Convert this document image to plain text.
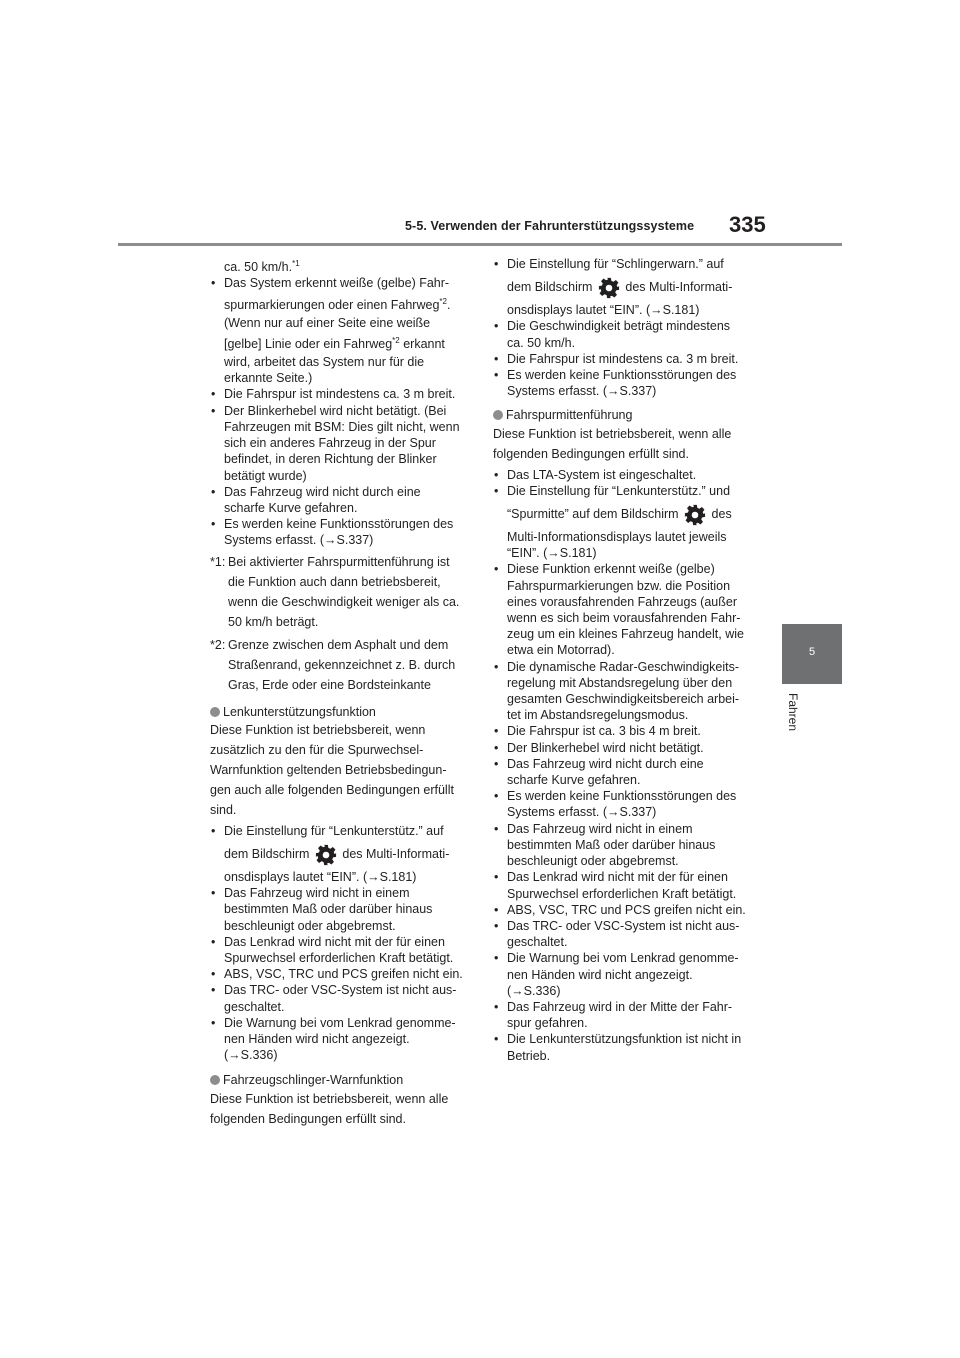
5-5. Verwenden der Fahrunterstützungssysteme 335
5
Fahren

ca. 50 km/h.$^{*1}$

• Das System erkennt weiße (gelbe) Fahr-
spurmarkierungen oder einen Fahrweg$^{*2}$.
(Wenn nur auf einer Seite eine weiße
[gelbe] Linie oder ein Fahrweg$^{*2}$ erkannt
wird, arbeitet das System nur für die
erkannte Seite.)
• Die Fahrspur ist mindestens ca. 3 m breit.
• Der Blinkerhebel wird nicht betätigt. (Bei
Fahrzeugen mit BSM: Dies gilt nicht, wenn
sich ein anderes Fahrzeug in der Spur
befindet, in deren Richtung der Blinker
betätigt wurde)
• Das Fahrzeug wird nicht durch eine
scharfe Kurve gefahren.
• Es werden keine Funktionsstörungen des
Systems erfasst. (→S.337)
*1: Bei aktivierter Fahrspurmittenführung ist
die Funktion auch dann betriebsbereit,
wenn die Geschwindigkeit weniger als ca.
50 km/h beträgt.
*2: Grenze zwischen dem Asphalt und dem
Straßenrand, gekennzeichnet z. B. durch
Gras, Erde oder eine Bordsteinkante
Lenkunterstützungsfunktion
Diese Funktion ist betriebsbereit, wenn
zusätzlich zu den für die Spurwechsel-
Warnfunktion geltenden Betriebsbedingun-
gen auch alle folgenden Bedingungen erfüllt
sind.
• Die Einstellung für “Lenkunterstütz.” auf
dem Bildschirm	des Multi-Informati-
onsdisplays lautet “EIN”. (→S.181)
• Das Fahrzeug wird nicht in einem
bestimmten Maß oder darüber hinaus
beschleunigt oder abgebremst.
• Das Lenkrad wird nicht mit der für einen
Spurwechsel erforderlichen Kraft betätigt.
• ABS, VSC, TRC und PCS greifen nicht ein.
• Das TRC- oder VSC-System ist nicht aus-
geschaltet.
• Die Warnung bei vom Lenkrad genomme-
nen Händen wird nicht angezeigt.
(→S.336)
Fahrzeugschlinger-Warnfunktion
Diese Funktion ist betriebsbereit, wenn alle
folgenden Bedingungen erfüllt sind.
• Die Einstellung für “Schlingerwarn.” auf
dem Bildschirm	des Multi-Informati-
onsdisplays lautet “EIN”. (→S.181)
• Die Geschwindigkeit beträgt mindestens
ca. 50 km/h.
• Die Fahrspur ist mindestens ca. 3 m breit.
• Es werden keine Funktionsstörungen des
Systems erfasst. (→S.337)
Fahrspurmittenführung
Diese Funktion ist betriebsbereit, wenn alle
folgenden Bedingungen erfüllt sind.
• Das LTA-System ist eingeschaltet.
• Die Einstellung für “Lenkunterstütz.” und
“Spurmitte” auf dem Bildschirm	des
Multi-Informationsdisplays lautet jeweils
“EIN”. (→S.181)
• Diese Funktion erkennt weiße (gelbe)
Fahrspurmarkierungen bzw. die Position
eines vorausfahrenden Fahrzeugs (außer
wenn es sich beim vorausfahrenden Fahr-
zeug um ein kleines Fahrzeug handelt, wie
etwa ein Motorrad).
• Die dynamische Radar-Geschwindigkeits-
regelung mit Abstandsregelung über den
gesamten Geschwindigkeitsbereich arbei-
tet im Abstandsregelungsmodus.
• Die Fahrspur ist ca. 3 bis 4 m breit.
• Der Blinkerhebel wird nicht betätigt.
• Das Fahrzeug wird nicht durch eine
scharfe Kurve gefahren.
• Es werden keine Funktionsstörungen des
Systems erfasst. (→S.337)
• Das Fahrzeug wird nicht in einem
bestimmten Maß oder darüber hinaus
beschleunigt oder abgebremst.
• Das Lenkrad wird nicht mit der für einen
Spurwechsel erforderlichen Kraft betätigt.
• ABS, VSC, TRC und PCS greifen nicht ein.
• Das TRC- oder VSC-System ist nicht aus-
geschaltet.
• Die Warnung bei vom Lenkrad genomme-
nen Händen wird nicht angezeigt.
(→S.336)
• Das Fahrzeug wird in der Mitte der Fahr-
spur gefahren.
• Die Lenkunterstützungsfunktion ist nicht in
Betrieb.
